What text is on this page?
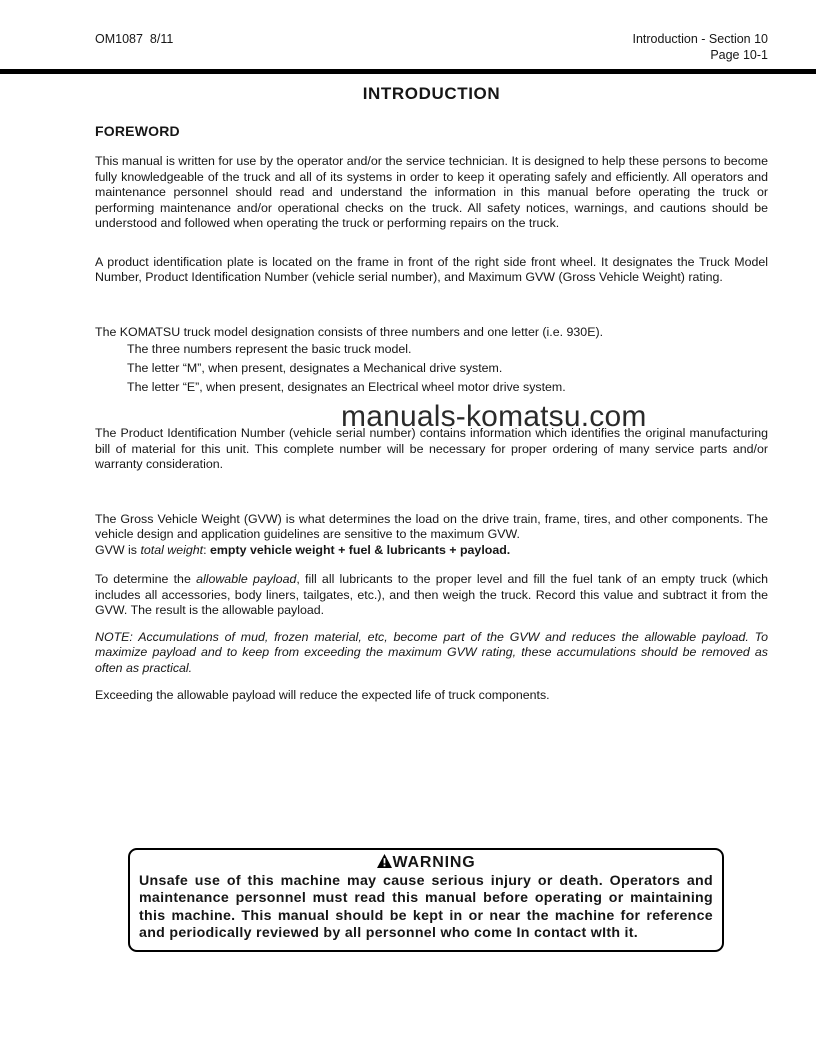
OM1087  8/11	Introduction - Section 10
Page 10-1
INTRODUCTION
FOREWORD

This manual is written for use by the operator and/or the service technician. It is designed to help these persons to become fully knowledgeable of the truck and all of its systems in order to keep it operating safely and efficiently. All operators and maintenance personnel should read and understand the information in this manual before operating the truck or performing maintenance and/or operational checks on the truck. All safety notices, warnings, and cautions should be understood and followed when operating the truck or performing repairs on the truck.

A product identification plate is located on the frame in front of the right side front wheel. It designates the Truck Model Number, Product Identification Number (vehicle serial number), and Maximum GVW (Gross Vehicle Weight) rating.

The KOMATSU truck model designation consists of three numbers and one letter (i.e. 930E).

The three numbers represent the basic truck model.
The letter “M”, when present, designates a Mechanical drive system.
The letter “E”, when present, designates an Electrical wheel motor drive system.

The Product Identification Number (vehicle serial number) contains information which identifies the original manufacturing bill of material for this unit. This complete number will be necessary for proper ordering of many service parts and/or warranty consideration.

The Gross Vehicle Weight (GVW) is what determines the load on the drive train, frame, tires, and other components. The vehicle design and application guidelines are sensitive to the maximum GVW.

GVW is total weight: empty vehicle weight + fuel & lubricants + payload.

To determine the allowable payload, fill all lubricants to the proper level and fill the fuel tank of an empty truck (which includes all accessories, body liners, tailgates, etc.), and then weigh the truck. Record this value and subtract it from the GVW. The result is the allowable payload.

NOTE: Accumulations of mud, frozen material, etc, become part of the GVW and reduces the allowable payload. To maximize payload and to keep from exceeding the maximum GVW rating, these accumulations should be removed as often as practical.

Exceeding the allowable payload will reduce the expected life of truck components.

manuals-komatsu.com
WARNING

Unsafe use of this machine may cause serious injury or death. Operators and maintenance personnel must read this manual before operating or maintaining this machine. This manual should be kept in or near the machine for reference and periodically reviewed by all personnel who come In contact wIth it.
